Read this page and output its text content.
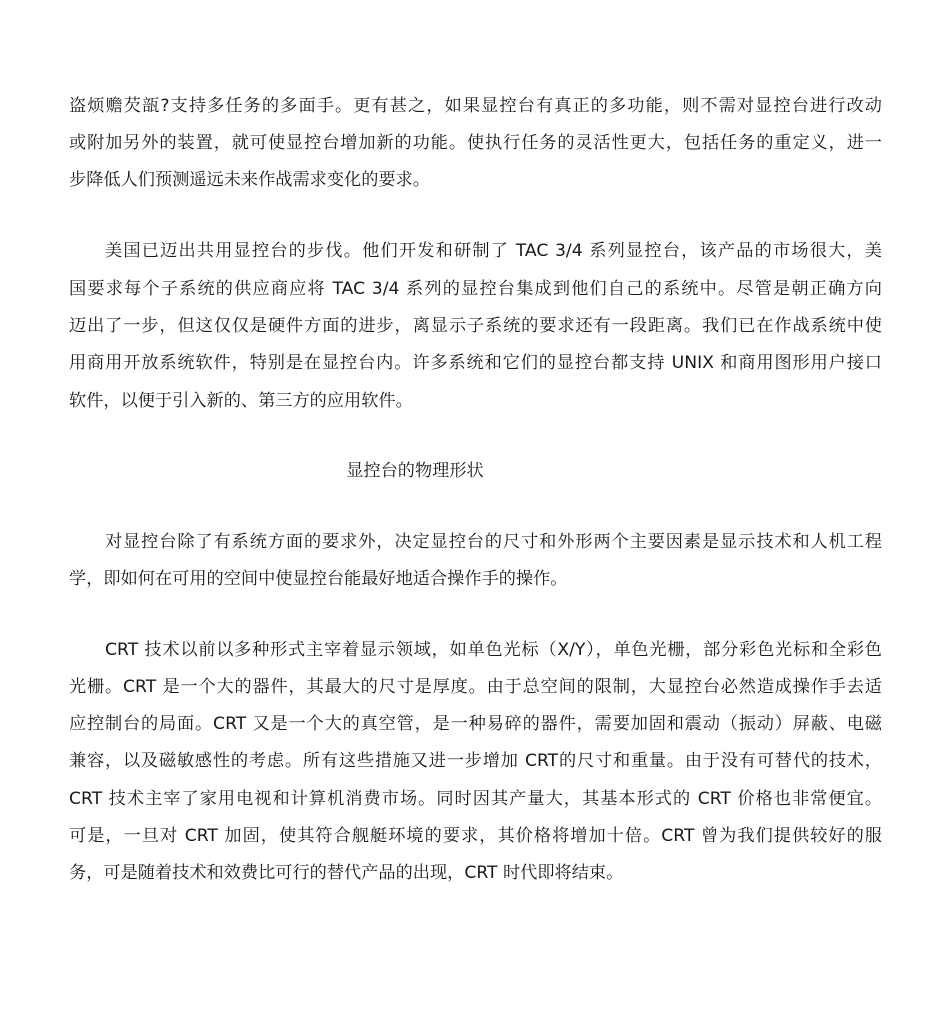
盗烦赡芡瓿?支持多任务的多面手。更有甚之，如果显控台有真正的多功能，则不需对显控台进行改动
或附加另外的装置，就可使显控台增加新的功能。使执行任务的灵活性更大，包括任务的重定义，进一
步降低人们预测遥远未来作战需求变化的要求。
美国已迈出共用显控台的步伐。他们开发和研制了 TAC 3/4 系列显控台，该产品的市场很大，美
国要求每个子系统的供应商应将 TAC 3/4 系列的显控台集成到他们自己的系统中。尽管是朝正确方向
迈出了一步，但这仅仅是硬件方面的进步，离显示子系统的要求还有一段距离。我们已在作战系统中使
用商用开放系统软件，特别是在显控台内。许多系统和它们的显控台都支持 UNIX 和商用图形用户接口
软件，以便于引入新的、第三方的应用软件。
显控台的物理形状
对显控台除了有系统方面的要求外，决定显控台的尺寸和外形两个主要因素是显示技术和人机工程
学，即如何在可用的空间中使显控台能最好地适合操作手的操作。
CRT 技术以前以多种形式主宰着显示领域，如单色光标（X/Y），单色光栅，部分彩色光标和全彩色
光栅。CRT 是一个大的器件，其最大的尺寸是厚度。由于总空间的限制，大显控台必然造成操作手去适
应控制台的局面。CRT 又是一个大的真空管，是一种易碎的器件，需要加固和震动（振动）屏蔽、电磁
兼容，以及磁敏感性的考虑。所有这些措施又进一步增加 CRT的尺寸和重量。由于没有可替代的技术，
CRT 技术主宰了家用电视和计算机消费市场。同时因其产量大，其基本形式的 CRT 价格也非常便宜。
可是，一旦对 CRT 加固，使其符合舰艇环境的要求，其价格将增加十倍。CRT 曾为我们提供较好的服
务，可是随着技术和效费比可行的替代产品的出现，CRT 时代即将结束。
